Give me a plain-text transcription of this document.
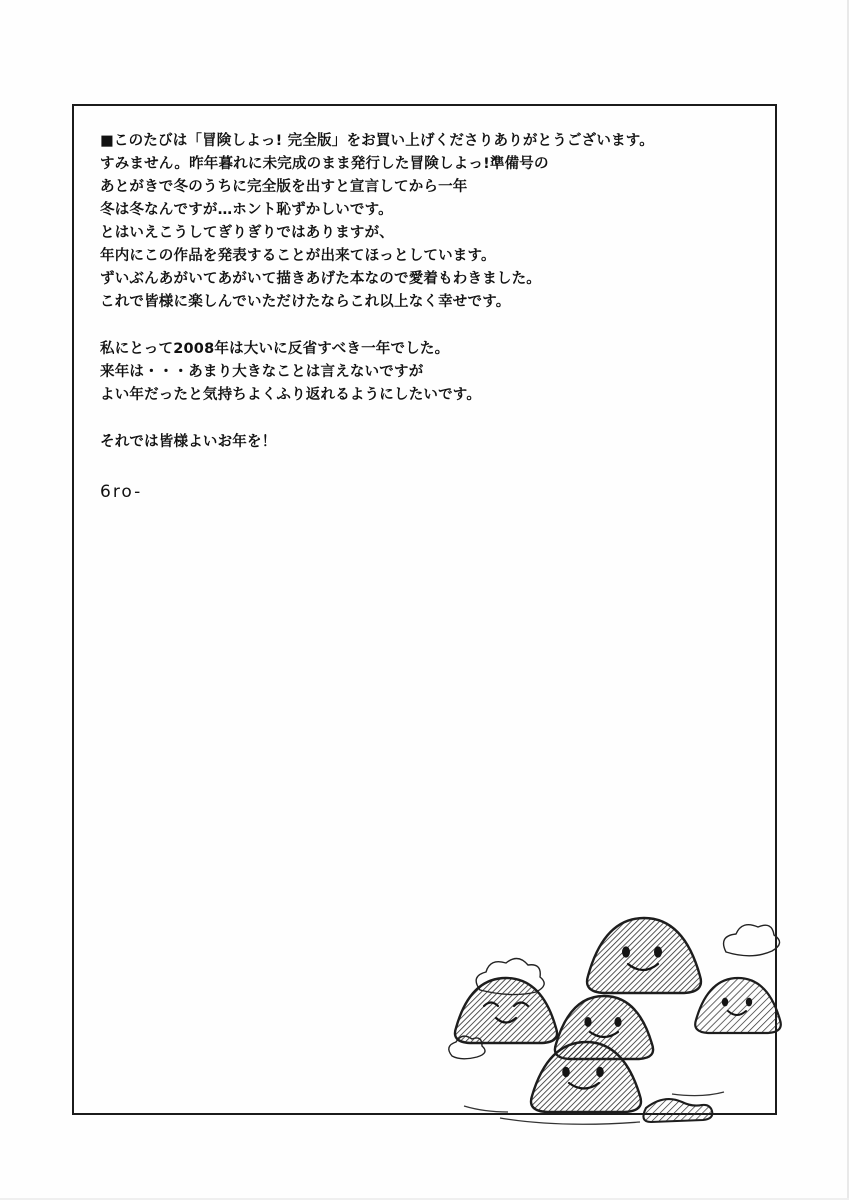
■このたびは「冒険しよっ! 完全版」をお買い上げくださりありがとうございます。
すみません。昨年暮れに未完成のまま発行した冒険しよっ!準備号の
あとがきで冬のうちに完全版を出すと宣言してから一年
冬は冬なんですが…ホント恥ずかしいです。
とはいえこうしてぎりぎりではありますが、
年内にこの作品を発表することが出来てほっとしています。
ずいぶんあがいてあがいて描きあげた本なので愛着もわきました。
これで皆様に楽しんでいただけたならこれ以上なく幸せです。
私にとって2008年は大いに反省すべき一年でした。
来年は・・・あまり大きなことは言えないですが
よい年だったと気持ちよくふり返れるようにしたいです。
それでは皆様よいお年を！
6ro-
